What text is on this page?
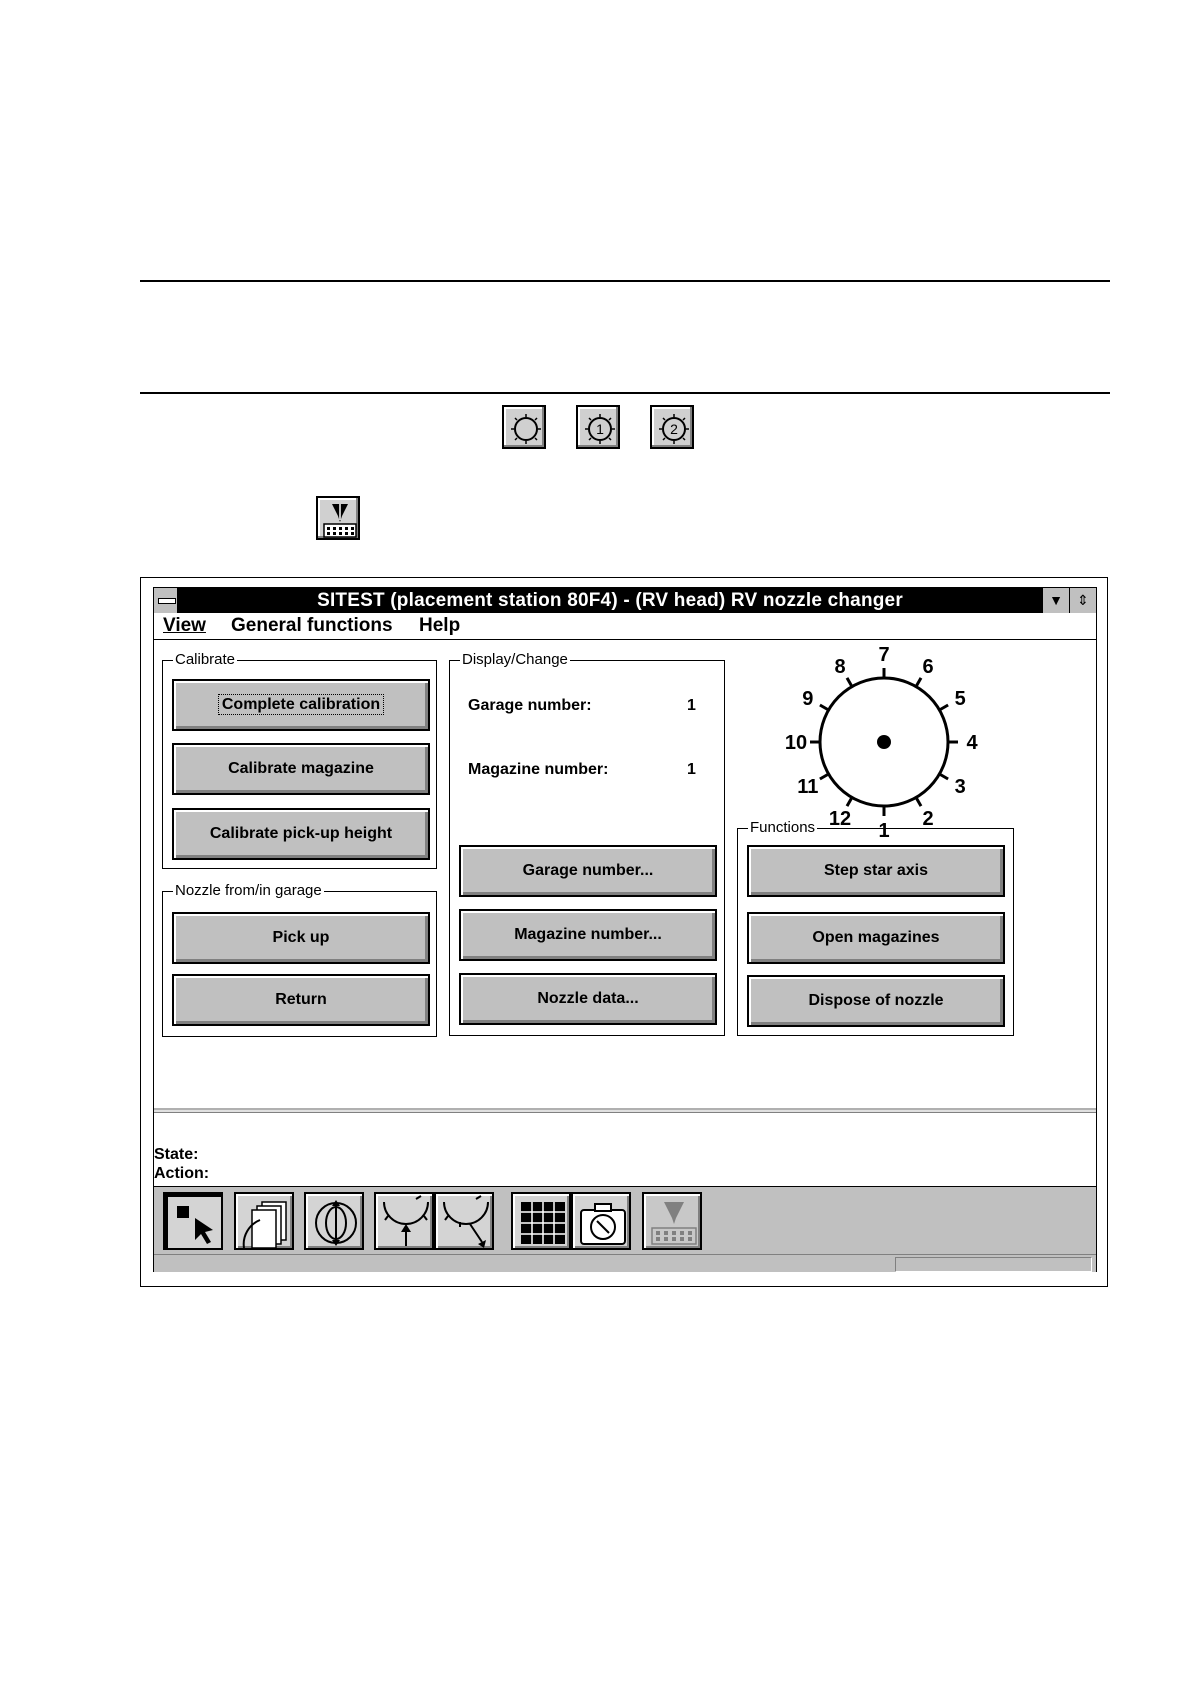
1	2
SITEST (placement station 80F4) - (RV head) RV nozzle changer	▼	⇕
View General functions Help
Calibrate
Complete calibration
Calibrate magazine
Calibrate pick-up height
Nozzle from/in garage
Pick up
Return
Display/Change
Garage number:	1
Magazine number:	1
Garage number...
Magazine number...
Nozzle data...
7
6
5
4
3
2
1
12
11
10
9
8
Functions
Step star axis
Open magazines
Dispose of nozzle
State:
Action:
